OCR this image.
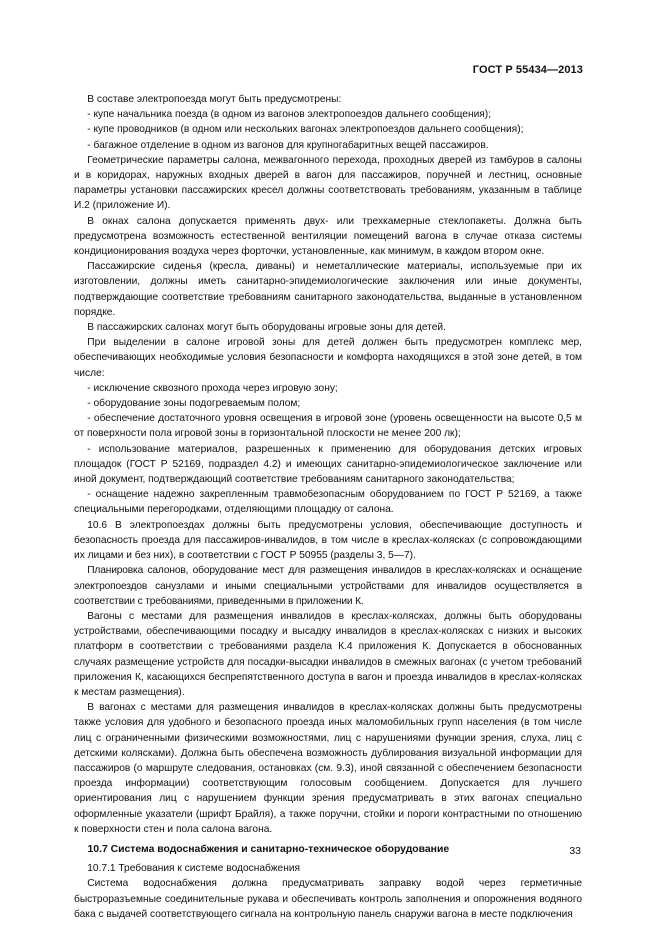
ГОСТ Р 55434—2013

В составе электропоезда могут быть предусмотрены:

- купе начальника поезда (в одном из вагонов электропоездов дальнего сообщения);

- купе проводников (в одном или нескольких вагонах электропоездов дальнего сообщения);

- багажное отделение в одном из вагонов для крупногабаритных вещей пассажиров.

Геометрические параметры салона, межвагонного перехода, проходных дверей из тамбуров в салоны и в коридорах, наружных входных дверей в вагон для пассажиров, поручней и лестниц, основные параметры установки пассажирских кресел должны соответствовать требованиям, указанным в таблице И.2 (приложение И).

В окнах салона допускается применять двух- или трехкамерные стеклопакеты. Должна быть предусмотрена возможность естественной вентиляции помещений вагона в случае отказа системы кондиционирования воздуха через форточки, установленные, как минимум, в каждом втором окне.

Пассажирские сиденья (кресла, диваны) и неметаллические материалы, используемые при их изготовлении, должны иметь санитарно-эпидемиологические заключения или иные документы, подтверждающие соответствие требованиям санитарного законодательства, выданные в установленном порядке.

В пассажирских салонах могут быть оборудованы игровые зоны для детей.

При выделении в салоне игровой зоны для детей должен быть предусмотрен комплекс мер, обеспечивающих необходимые условия безопасности и комфорта находящихся в этой зоне детей, в том числе:

- исключение сквозного прохода через игровую зону;

- оборудование зоны подогреваемым полом;

- обеспечение достаточного уровня освещения в игровой зоне (уровень освещенности на высоте 0,5 м от поверхности пола игровой зоны в горизонтальной плоскости не менее 200 лк);

- использование материалов, разрешенных к применению для оборудования детских игровых площадок (ГОСТ Р 52169, подраздел 4.2) и имеющих санитарно-эпидемиологическое заключение или иной документ, подтверждающий соответствие требованиям санитарного законодательства;

- оснащение надежно закрепленным травмобезопасным оборудованием по ГОСТ Р 52169, а также специальными перегородками, отделяющими площадку от салона.

10.6 В электропоездах должны быть предусмотрены условия, обеспечивающие доступность и безопасность проезда для пассажиров-инвалидов, в том числе в креслах-колясках (с сопровождающими их лицами и без них), в соответствии с ГОСТ Р 50955 (разделы 3, 5—7).

Планировка салонов, оборудование мест для размещения инвалидов в креслах-колясках и оснащение электропоездов санузлами и иными специальными устройствами для инвалидов осуществляется в соответствии с требованиями, приведенными в приложении К.

Вагоны с местами для размещения инвалидов в креслах-колясках, должны быть оборудованы устройствами, обеспечивающими посадку и высадку инвалидов в креслах-колясках с низких и высоких платформ в соответствии с требованиями раздела К.4 приложения К. Допускается в обоснованных случаях размещение устройств для посадки-высадки инвалидов в смежных вагонах (с учетом требований приложения К, касающихся беспрепятственного доступа в вагон и проезда инвалидов в креслах-колясках к местам размещения).

В вагонах с местами для размещения инвалидов в креслах-колясках должны быть предусмотрены также условия для удобного и безопасного проезда иных маломобильных групп населения (в том числе лиц с ограниченными физическими возможностями, лиц с нарушениями функции зрения, слуха, лиц с детскими колясками). Должна быть обеспечена возможность дублирования визуальной информации для пассажиров (о маршруте следования, остановках (см. 9.3), иной связанной с обеспечением безопасности проезда информации) соответствующим голосовым сообщением. Допускается для лучшего ориентирования лиц с нарушением функции зрения предусматривать в этих вагонах специально оформленные указатели (шрифт Брайля), а также поручни, стойки и пороги контрастными по отношению к поверхности стен и пола салона вагона.

10.7 Система водоснабжения и санитарно-техническое оборудование

10.7.1 Требования к системе водоснабжения

Система водоснабжения должна предусматривать заправку водой через герметичные быстроразъемные соединительные рукава и обеспечивать контроль заполнения и опорожнения водяного бака с выдачей соответствующего сигнала на контрольную панель снаружи вагона в месте подключения

33
